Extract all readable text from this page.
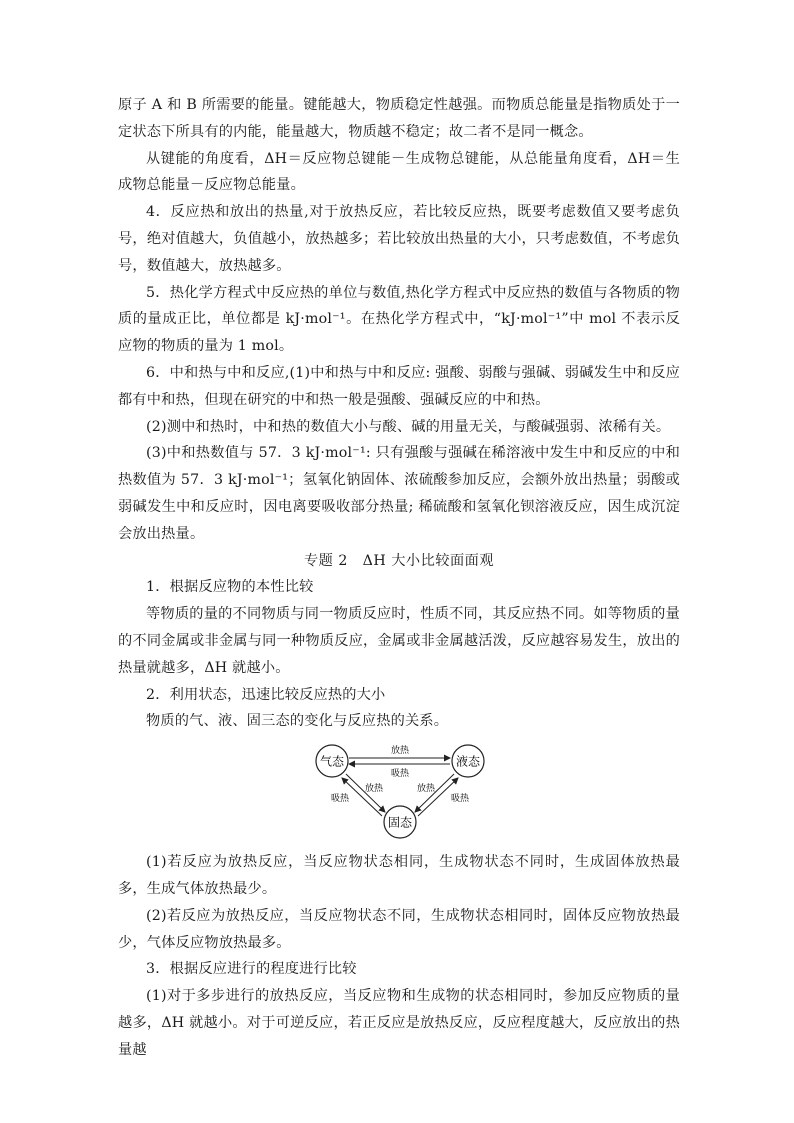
原子 A 和 B 所需要的能量。键能越大，物质稳定性越强。而物质总能量是指物质处于一定状态下所具有的内能，能量越大，物质越不稳定；故二者不是同一概念。

从键能的角度看，ΔH＝反应物总键能－生成物总键能，从总能量角度看，ΔH＝生成物总能量－反应物总能量。

4．反应热和放出的热量,对于放热反应，若比较反应热，既要考虑数值又要考虑负号，绝对值越大，负值越小，放热越多；若比较放出热量的大小，只考虑数值，不考虑负号，数值越大，放热越多。

5．热化学方程式中反应热的单位与数值,热化学方程式中反应热的数值与各物质的物质的量成正比，单位都是 kJ·mol⁻¹。在热化学方程式中，“kJ·mol⁻¹”中 mol 不表示反应物的物质的量为 1 mol。

6．中和热与中和反应,(1)中和热与中和反应: 强酸、弱酸与强碱、弱碱发生中和反应都有中和热，但现在研究的中和热一般是强酸、强碱反应的中和热。

(2)测中和热时，中和热的数值大小与酸、碱的用量无关，与酸碱强弱、浓稀有关。

(3)中和热数值与 57．3 kJ·mol⁻¹: 只有强酸与强碱在稀溶液中发生中和反应的中和热数值为 57．3 kJ·mol⁻¹；氢氧化钠固体、浓硫酸参加反应，会额外放出热量；弱酸或弱碱发生中和反应时，因电离要吸收部分热量; 稀硫酸和氢氧化钡溶液反应，因生成沉淀会放出热量。

专题 2　ΔH 大小比较面面观

1．根据反应物的本性比较

等物质的量的不同物质与同一物质反应时，性质不同，其反应热不同。如等物质的量的不同金属或非金属与同一种物质反应，金属或非金属越活泼，反应越容易发生，放出的热量就越多，ΔH 就越小。

2．利用状态，迅速比较反应热的大小

物质的气、液、固三态的变化与反应热的关系。

气态	液态
固态
放热
吸热
吸热
放热	放热
吸热

(1)若反应为放热反应，当反应物状态相同，生成物状态不同时，生成固体放热最多，生成气体放热最少。

(2)若反应为放热反应，当反应物状态不同，生成物状态相同时，固体反应物放热最少，气体反应物放热最多。

3．根据反应进行的程度进行比较

(1)对于多步进行的放热反应，当反应物和生成物的状态相同时，参加反应物质的量越多，ΔH 就越小。对于可逆反应，若正反应是放热反应，反应程度越大，反应放出的热量越
